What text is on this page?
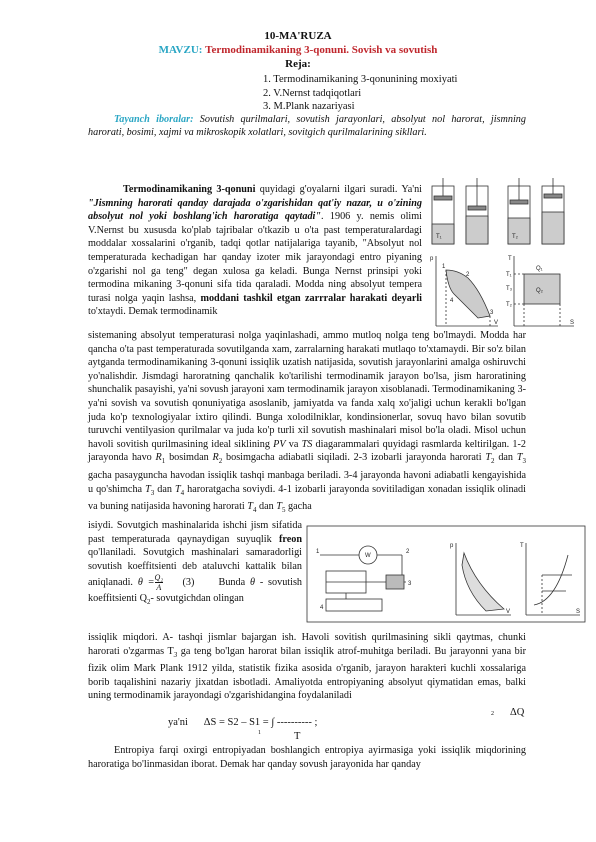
10-MA'RUZA
MAVZU: Termodinamikaning 3-qonuni. Sovish va sovutish
Reja:
1. Termodinamikaning 3-qonunining moxiyati
2. V.Nernst tadqiqotlari
3. M.Plank nazariyasi
Tayanch iboralar: Sovutish qurilmalari, sovutish jarayonlari, absolyut nol harorat, jismning harorati, bosimi, xajmi va mikroskopik xolatlari, sovitgich qurilmalarining sikllari.
Termodinamikaning 3-qonuni quyidagi g'oyalarni ilgari suradi. Ya'ni "Jismning harorati qanday darajada o'zgarishidan qat'iy nazar, u o'zining absolyut nol yoki boshlang'ich haroratiga qaytadi". 1906 y. nemis olimi V.Nernst bu xususda ko'plab tajribalar o'tkazib u o'ta past temperaturalardagi moddalar xossalarini o'rganib, tadqi qotlar natijalariga tayanib, "Absolyut nol temperaturada kechadigan har qanday izoter mik jarayondagi entro piyaning o'zgarishi nol ga teng" degan xulosa ga keladi. Bunga Nernst prinsipi yoki termodina mikaning 3-qonuni sifa tida qaraladi. Modda ning absolyut tempera turasi nolga yaqin lashsa, moddani tashkil etgan zarrralar harakati deyarli to'xtaydi. Demak termodinamik
T₁	T₂
p
V
1
2
3
4
T
S
Q₁
Q₂
T₁
T₂
T₃
sistemaning absolyut temperaturasi nolga yaqinlashadi, ammo mutloq nolga teng bo'lmaydi. Modda har qancha o'ta past temperaturada sovutilganda xam, zarralarning harakati mutlaqo to'xtamaydi. Bir so'z bilan aytganda termodinamikaning 3-qonuni issiqlik uzatish natijasida, sovutish jarayonlarini amalga oshiruvchi yo'nalishdir. Jismdagi haroratning qanchalik ko'tarilishi termodinamik jarayon bo'lsa, jism haroratining shunchalik pasayishi, ya'ni sovush jarayoni xam termodinamik jarayon xisoblanadi. Termodinamikaning 3-ya'ni sovish va sovutish qonuniyatiga asoslanib, jamiyatda va fanda xalq xo'jaligi uchun kerakli bo'lgan juda ko'p texnologiyalar ixtiro qilindi. Bunga xolodilniklar, kondinsionerlar, sovuq havo bilan sovutib turuvchi ventilyasion qurilmalar va juda ko'p turli xil sovutish mashinalari misol bo'la oladi. Misol uchun havoli sovitish qurilmasining ideal siklining PV va TS diagarammalari quyidagi rasmlarda keltirilgan. 1-2 jarayonda havo $R_1$ bosimdan $R_2$ bosimgacha adiabatli siqiladi. 2-3 izobarli jarayonda harorati $T_2$ dan $T_3$ gacha pasayguncha havodan issiqlik tashqi manbaga beriladi. 3-4 jarayonda havoni adiabatli kengayishida u qo'shimcha $T_3$ dan $T_4$ haroratgacha soviydi. 4-1 izobarli jarayonda sovitiladigan xonadan issiqlik olinadi va buning natijasida havoning harorati $T_4$ dan $T_5$ gacha
isiydi. Sovutgich mashinalarida ishchi jism sifatida past temperaturada qaynaydigan suyuqlik freon qo'llaniladi. Sovutgich mashinalari samaradorligi sovutish koeffitsienti deb ataluvchi kattalik bilan aniqlanadi. $\theta = \frac{\text{Q₂}}{A} (3)$     Bunda θ - sovutish koeffitsienti $Q_2-$ sovutgichdan olingan
W
1	2
3
4
p
V
T
S
issiqlik miqdori. A- tashqi jismlar bajargan ish. Havoli sovitish qurilmasining sikli qaytmas, chunki harorati o'zgarmas $T_3$ ga teng bo'lgan harorat bilan issiqlik atrof-muhitga beriladi. Bu jarayonni yana bir fizik olim Mark Plank 1912 yilda, statistik fizika asosida o'rganib, jarayon harakteri kuchli xossalariga borib taqalishini nazariy jixatdan isbotladi. Amaliyotda entropiyaning absolyut qiymatidan emas, balki uning termodinamik jarayondagi o'zgarishidangina foydalaniladi
2 ΔQ
ya'ni ΔS = S2 – S1 = ∫ ---------- ;
1	T
Entropiya farqi oxirgi entropiyadan boshlangich entropiya ayirmasiga yoki issiqlik miqdorining haroratiga bo'linmasidan iborat. Demak har qanday sovush jarayonida har qanday
